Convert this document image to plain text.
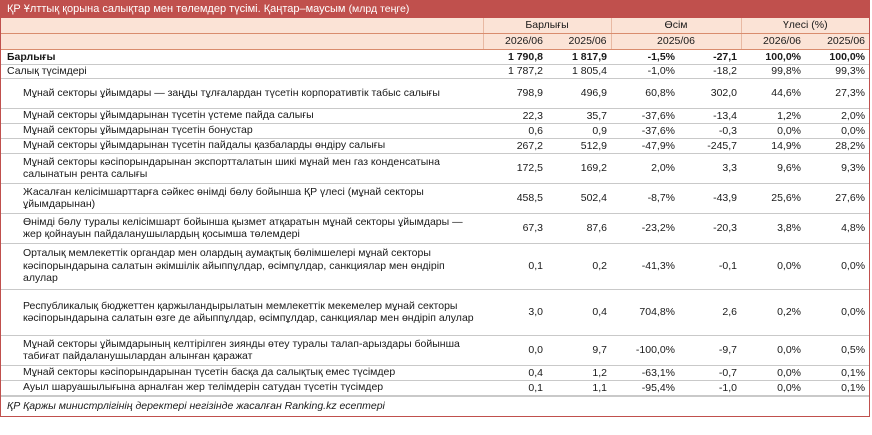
ҚР Ұлттық қорына салықтар мен төлемдер түсімі. Қаңтар–маусым (млрд теңге)
	Барлығы		Өсім		Үлесі (%)	
	2026/06	2025/06	2025/06		2026/06	2025/06
Барлығы	1 790,8	1 817,9	-1,5%	-27,1	100,0%	100,0%
Салық түсімдері	1 787,2	1 805,4	-1,0%	-18,2	99,8%	99,3%
Мұнай секторы ұйымдары — заңды тұлғалардан түсетін корпоративтік табыс салығы	798,9	496,9	60,8%	302,0	44,6%	27,3%
Мұнай секторы ұйымдарынан түсетін үстеме пайда салығы	22,3	35,7	-37,6%	-13,4	1,2%	2,0%
Мұнай секторы ұйымдарынан түсетін бонустар	0,6	0,9	-37,6%	-0,3	0,0%	0,0%
Мұнай секторы ұйымдарынан түсетін пайдалы қазбаларды өндіру салығы	267,2	512,9	-47,9%	-245,7	14,9%	28,2%
Мұнай секторы кәсіпорындарынан экспортталатын шикі мұнай мен газ конденсатына салынатын рента салығы	172,5	169,2	2,0%	3,3	9,6%	9,3%
Жасалған келісімшарттарға сәйкес өнімді бөлу бойынша ҚР үлесі (мұнай секторы ұйымдарынан)	458,5	502,4	-8,7%	-43,9	25,6%	27,6%
Өнімді бөлу туралы келісімшарт бойынша қызмет атқаратын мұнай секторы ұйымдары — жер қойнауын пайдаланушылардың қосымша төлемдері	67,3	87,6	-23,2%	-20,3	3,8%	4,8%
Орталық мемлекеттік органдар мен олардың аумақтық бөлімшелері мұнай секторы кәсіпорындарына салатын әкімшілік айыппұлдар, өсімпұлдар, санкциялар мен өндіріп алулар	0,1	0,2	-41,3%	-0,1	0,0%	0,0%
Республикалық бюджеттен қаржыландырылатын мемлекеттік мекемелер мұнай секторы кәсіпорындарына салатын өзге де айыппұлдар, өсімпұлдар, санкциялар мен өндіріп алулар	3,0	0,4	704,8%	2,6	0,2%	0,0%
Мұнай секторы ұйымдарының келтірілген зиянды өтеу туралы талап-арыздары бойынша табиғат пайдаланушылардан алынған қаражат	0,0	9,7	-100,0%	-9,7	0,0%	0,5%
Мұнай секторы кәсіпорындарынан түсетін басқа да салықтық емес түсімдер	0,4	1,2	-63,1%	-0,7	0,0%	0,1%
Ауыл шаруашылығына арналған жер телімдерін сатудан түсетін түсімдер	0,1	1,1	-95,4%	-1,0	0,0%	0,1%
ҚР Қаржы министрлігінің деректері негізінде жасалған Ranking.kz есептері
